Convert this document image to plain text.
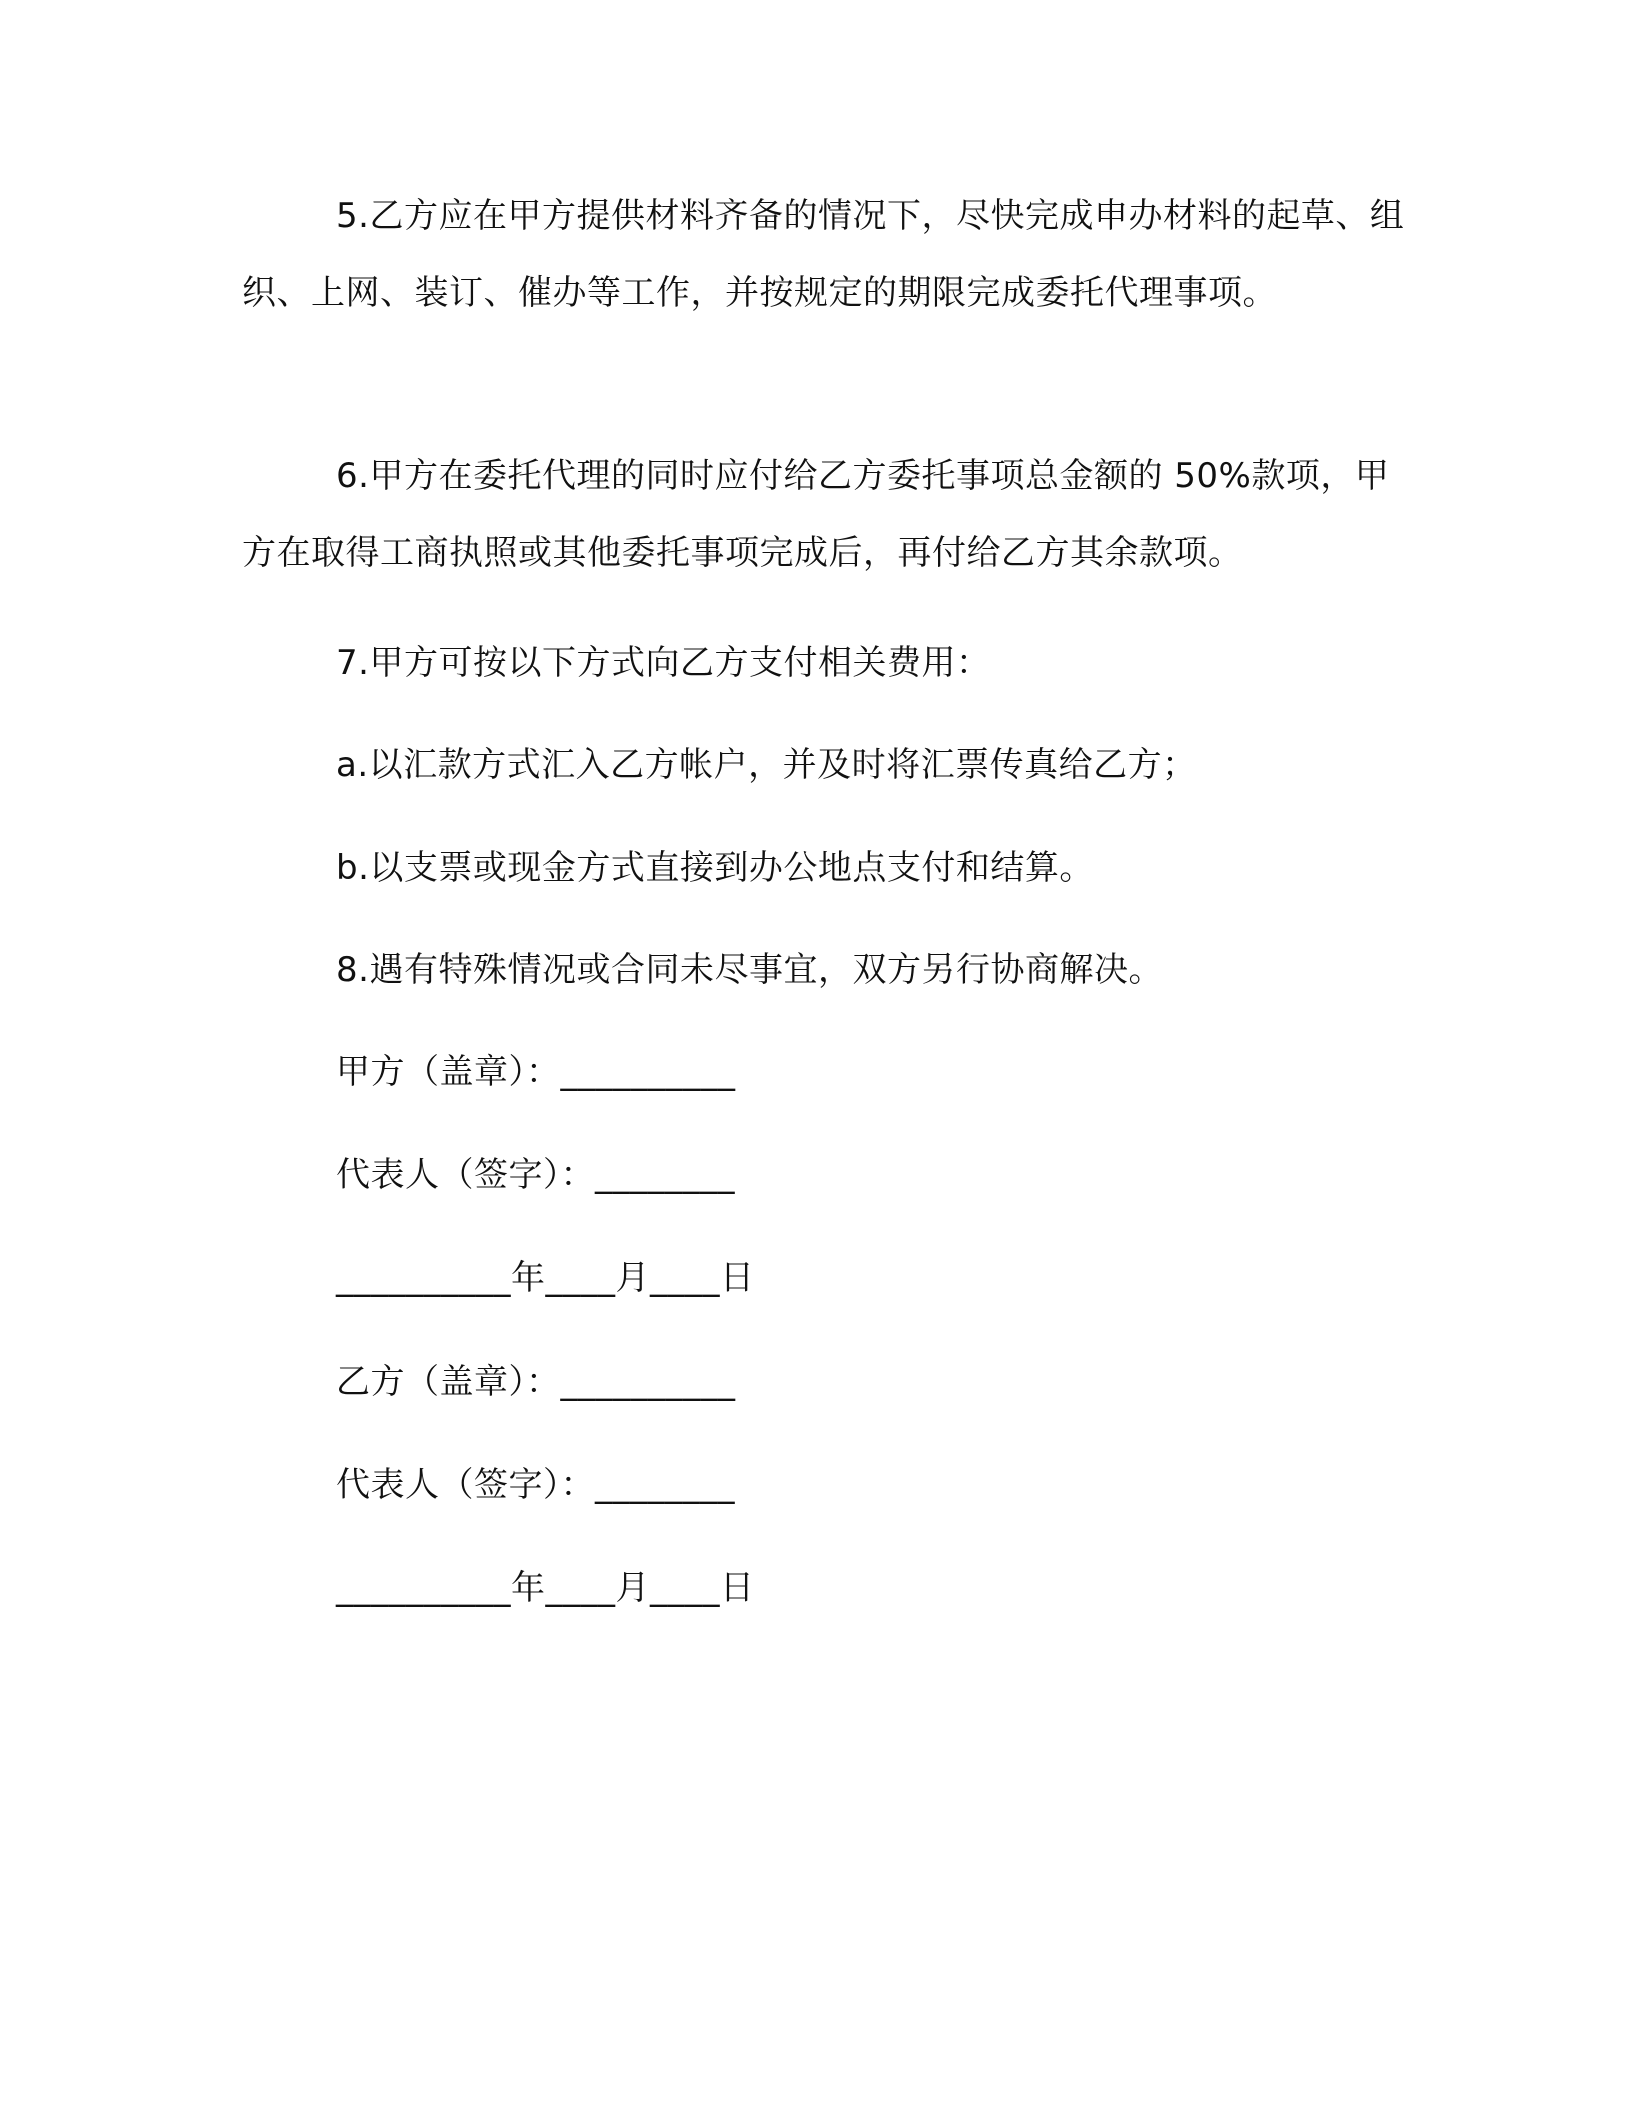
5.乙方应在甲方提供材料齐备的情况下，尽快完成申办材料的起草、组织、上网、装订、催办等工作，并按规定的期限完成委托代理事项。

6.甲方在委托代理的同时应付给乙方委托事项总金额的 50%款项，甲方在取得工商执照或其他委托事项完成后，再付给乙方其余款项。

7.甲方可按以下方式向乙方支付相关费用：

a.以汇款方式汇入乙方帐户，并及时将汇票传真给乙方；

b.以支票或现金方式直接到办公地点支付和结算。

8.遇有特殊情况或合同未尽事宜，双方另行协商解决。

甲方（盖章）：__________

代表人（签字）：________

__________年____月____日

乙方（盖章）：__________

代表人（签字）：________

__________年____月____日
